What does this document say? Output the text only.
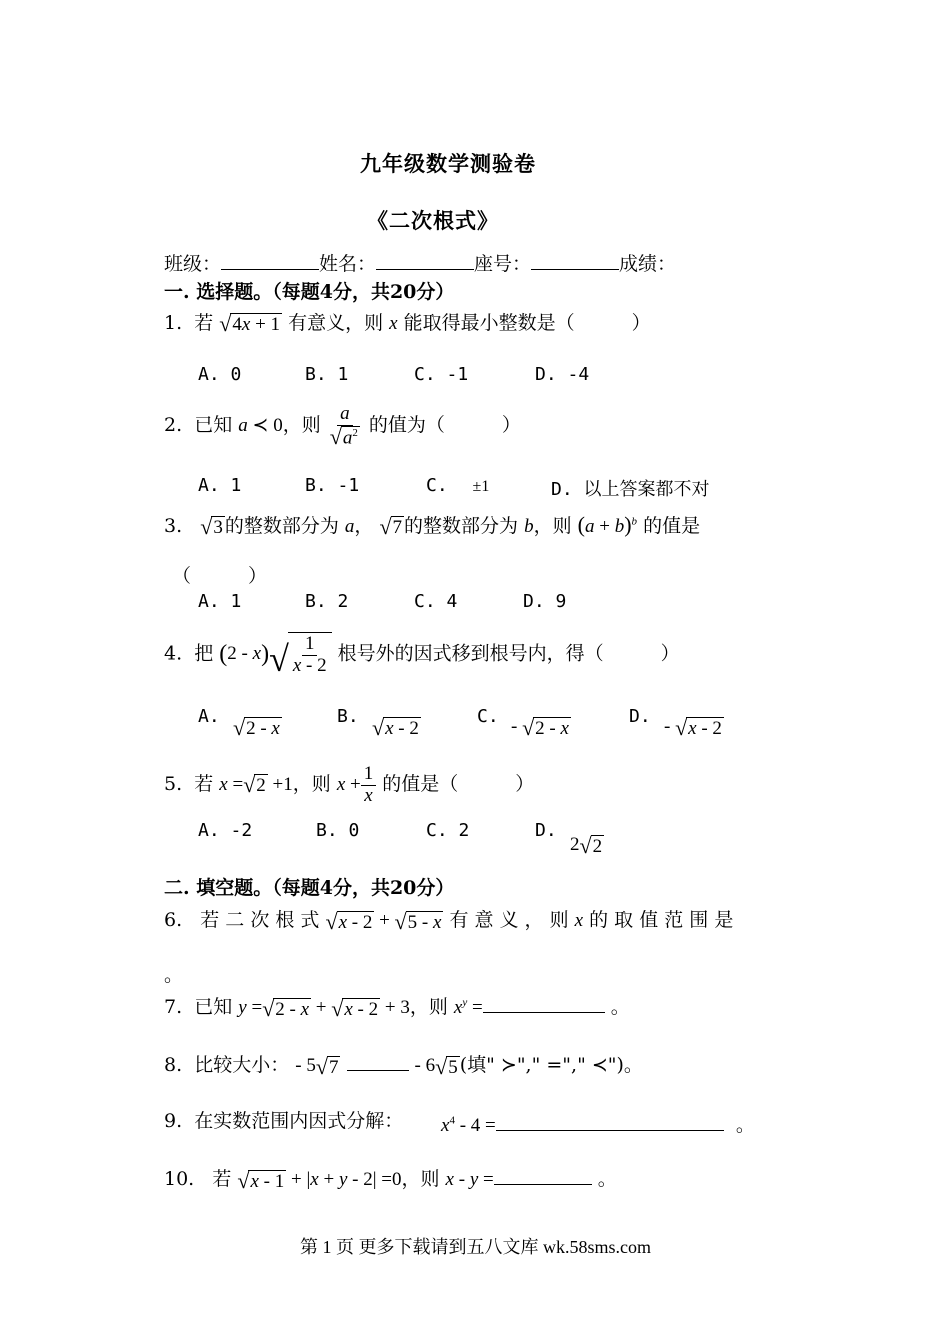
九年级数学测验卷
《二次根式》
班级：	姓名：	座号：	成绩：
一. 选择题。（每题4分，共20分）
1. 若 √ 4x + 1 有意义，则 x 能取得最小整数是（　　　）
A. 0	B. 1	C. -1	D. -4
2. 已知 a ≺ 0，则 $\frac{a}{√ a^2}$ 的值为（　　　）
A. 1	B. -1	C. ±1	D. 以上答案都不对
3. √ 3 的整数部分为 a， √ 7 的整数部分为 b，则 $(a + b)^b$ 的值是
（　　　）
A. 1	B. 2	C. 4	D. 9
4. 把 ( 2 - x ) √ $\frac{1}{x - 2}$ 根号外的因式移到根号内，得（　　　）
A. √ 2 - x
B. √ x - 2
C. - √ 2 - x
D. - √ x - 2
5. 若 x = √ 2 +1，则 $x + \frac{1}{x}$ 的值是（　　　）
A. -2	B. 0	C. 2	D.
2 √ 2
二. 填空题。（每题4分，共20分）
6. 若 二 次 根 式 √ x - 2 + √ 5 - x 有 意 义 ， 则 x 的 取 值 范 围 是
。
7. 已知 y = √ 2 - x + √ x - 2 + 3，则 $x^y$ =	。
8. 比较大小： - 5 √ 7	- 6 √ 5 (填" ≻"," ="," ≺")。
9. 在实数范围内因式分解： $x^4 - 4$ =	。
10. 若 √ x - 1 + |x + y - 2| =0，则 x - y =	。
第 1 页 更多下载请到五八文库 wk.58sms.com
